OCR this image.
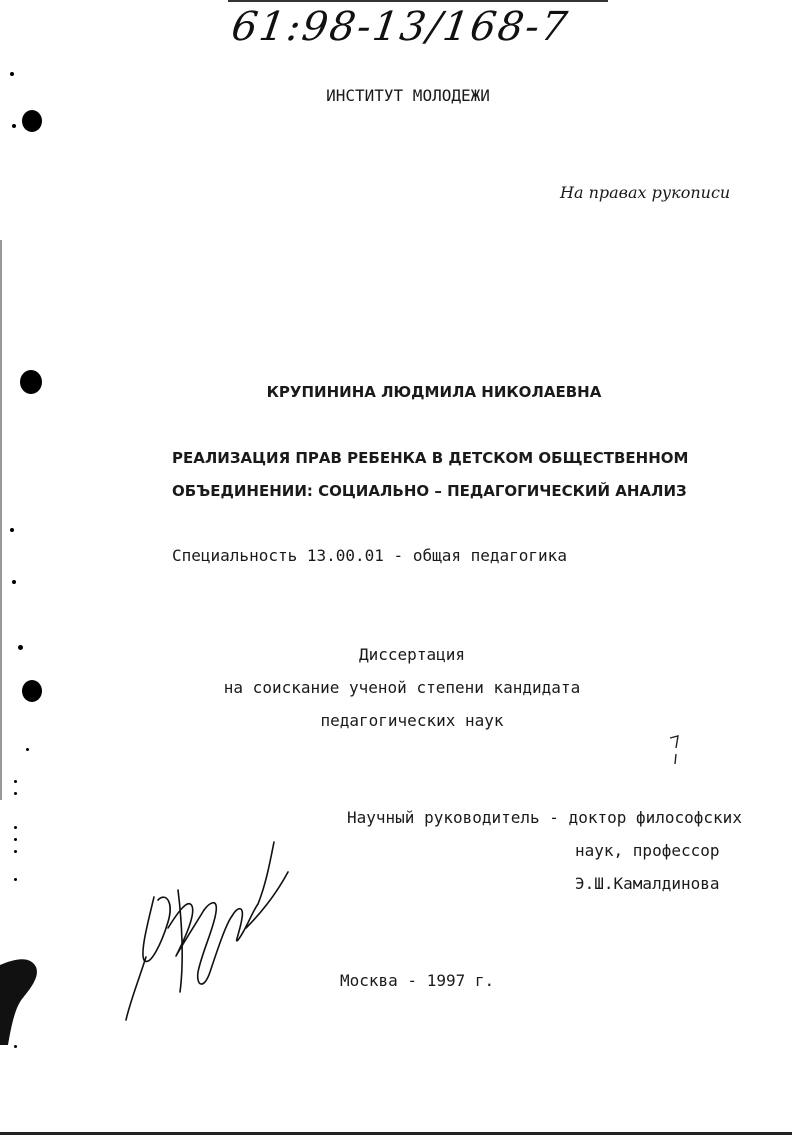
61:98-13/168-7
ИНСТИТУТ МОЛОДЕЖИ
На правах рукописи
КРУПИНИНА ЛЮДМИЛА НИКОЛАЕВНА
РЕАЛИЗАЦИЯ ПРАВ РЕБЕНКА В ДЕТСКОМ ОБЩЕСТВЕННОМ
ОБЪЕДИНЕНИИ: СОЦИАЛЬНО – ПЕДАГОГИЧЕСКИЙ АНАЛИЗ
Специальность 13.00.01 - общая педагогика
Диссертация
на соискание ученой степени кандидата
педагогических наук
Научный руководитель - доктор философских
наук, профессор
Э.Ш.Камалдинова
Москва - 1997 г.
